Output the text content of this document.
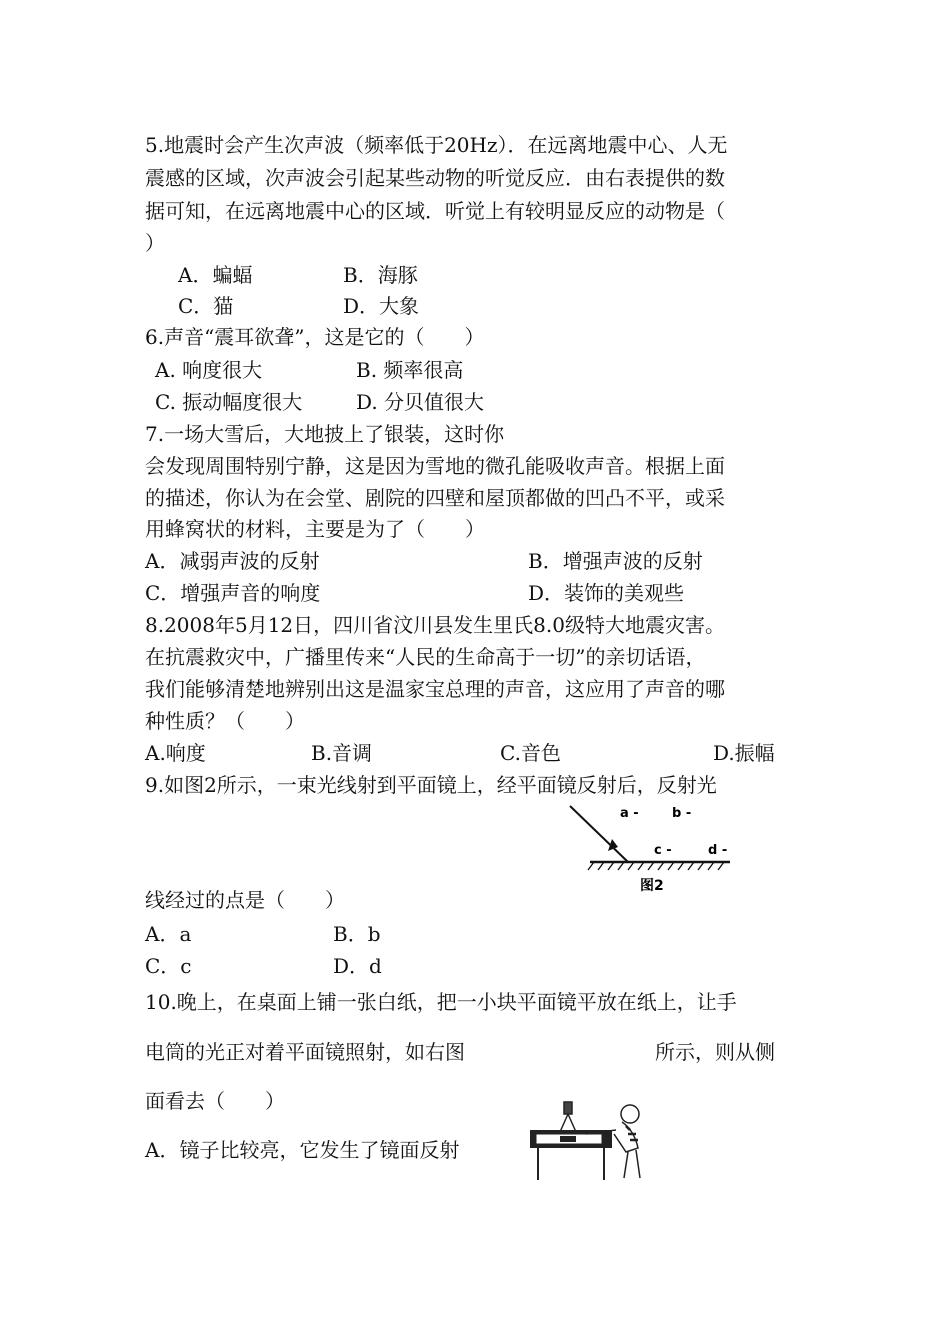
5.地震时会产生次声波（频率低于20Hz）．在远离地震中心、人无
震感的区域，次声波会引起某些动物的听觉反应．由右表提供的数
据可知，在远离地震中心的区域．听觉上有较明显反应的动物是（
）
A．蝙蝠	B．海豚
C．猫	D．大象
6.声音“震耳欲聋”，这是它的（　　）
A. 响度很大	B. 频率很高
C. 振动幅度很大	D. 分贝值很大
7.一场大雪后，大地披上了银装，这时你
会发现周围特别宁静，这是因为雪地的微孔能吸收声音。根据上面
的描述，你认为在会堂、剧院的四壁和屋顶都做的凹凸不平，或采
用蜂窝状的材料，主要是为了（　　）
A．减弱声波的反射	B．增强声波的反射
C．增强声音的响度	D．装饰的美观些
8.2008年5月12日，四川省汶川县发生里氏8.0级特大地震灾害。
在抗震救灾中，广播里传来“人民的生命高于一切”的亲切话语，
我们能够清楚地辨别出这是温家宝总理的声音，这应用了声音的哪
种性质？（　　）
A.响度	B.音调	C.音色	D.振幅
9.如图2所示，一束光线射到平面镜上，经平面镜反射后，反射光
a -	b -
c -	d -
图2
线经过的点是（　　）
A．a	B．b
C．c	D．d
10.晚上，在桌面上铺一张白纸，把一小块平面镜平放在纸上，让手
电筒的光正对着平面镜照射，如右图	所示，则从侧
面看去（　　）
A．镜子比较亮，它发生了镜面反射
